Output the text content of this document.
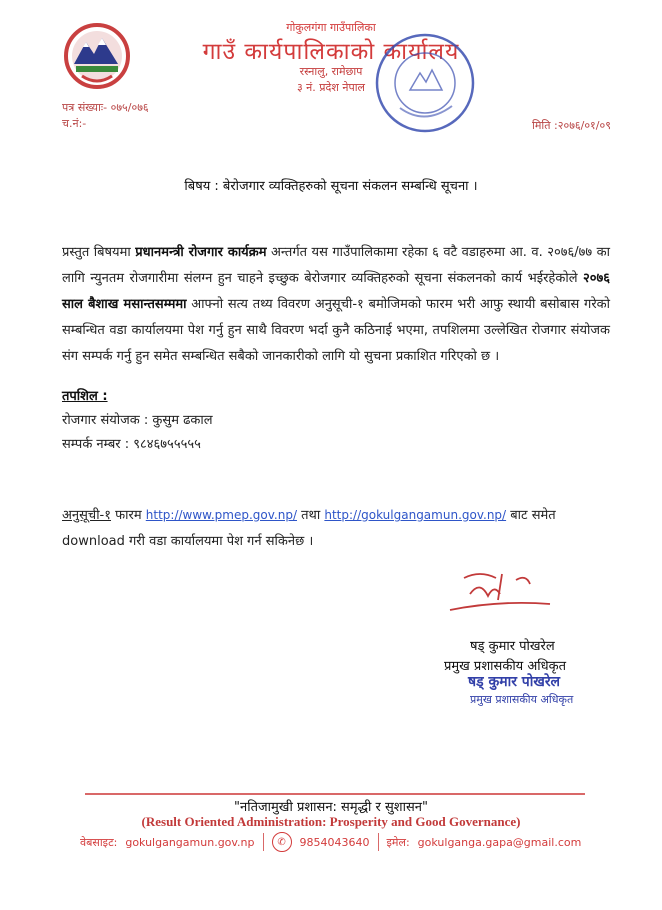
गोकुलगंगा गाउँपालिका
गाउँ कार्यपालिकाको कार्यालय
रस्नालु, रामेछाप
३ नं. प्रदेश नेपाल
पत्र संख्याः- ०७५/०७६
च.नं:-	मिति :२०७६/०१/०९
बिषय : बेरोजगार व्यक्तिहरुको सूचना संकलन सम्बन्धि सूचना ।
प्रस्तुत बिषयमा प्रधानमन्त्री रोजगार कार्यक्रम अन्तर्गत यस गाउँपालिकामा रहेका ६ वटै वडाहरुमा आ. व. २०७६/७७ का लागि न्युनतम रोजगारीमा संलग्न हुन चाहने इच्छुक बेरोजगार व्यक्तिहरुको सूचना संकलनको कार्य भईरहेकोले २०७६ साल बैशाख मसान्तसम्ममा आफ्नो सत्य तथ्य विवरण अनुसूची-१ बमोजिमको फारम भरी आफु स्थायी बसोबास गरेको सम्बन्धित वडा कार्यालयमा पेश गर्नु हुन साथै विवरण भर्दा कुनै कठिनाई भएमा, तपशिलमा उल्लेखित रोजगार संयोजक संग सम्पर्क गर्नु हुन समेत सम्बन्धित सबैको जानकारीको लागि यो सुचना प्रकाशित गरिएको छ ।
तपशिल :
रोजगार संयोजक : कुसुम ढकाल
सम्पर्क नम्बर : ९८४६७५५५५५
अनुसूची-१ फारम http://www.pmep.gov.np/ तथा http://gokulgangamun.gov.np/ बाट समेत download गरी वडा कार्यालयमा पेश गर्न सकिनेछ ।
षड् कुमार पोखरेल
प्रमुख प्रशासकीय अधिकृत
षड् कुमार पोखरेल
प्रमुख प्रशासकीय अधिकृत
"नतिजामुखी प्रशासन: समृद्धी र सुशासन"
(Result Oriented Administration: Prosperity and Good Governance)
वेबसाइट: gokulgangamun.gov.np	✆	9854043640 इमेल: gokulganga.gapa@gmail.com
